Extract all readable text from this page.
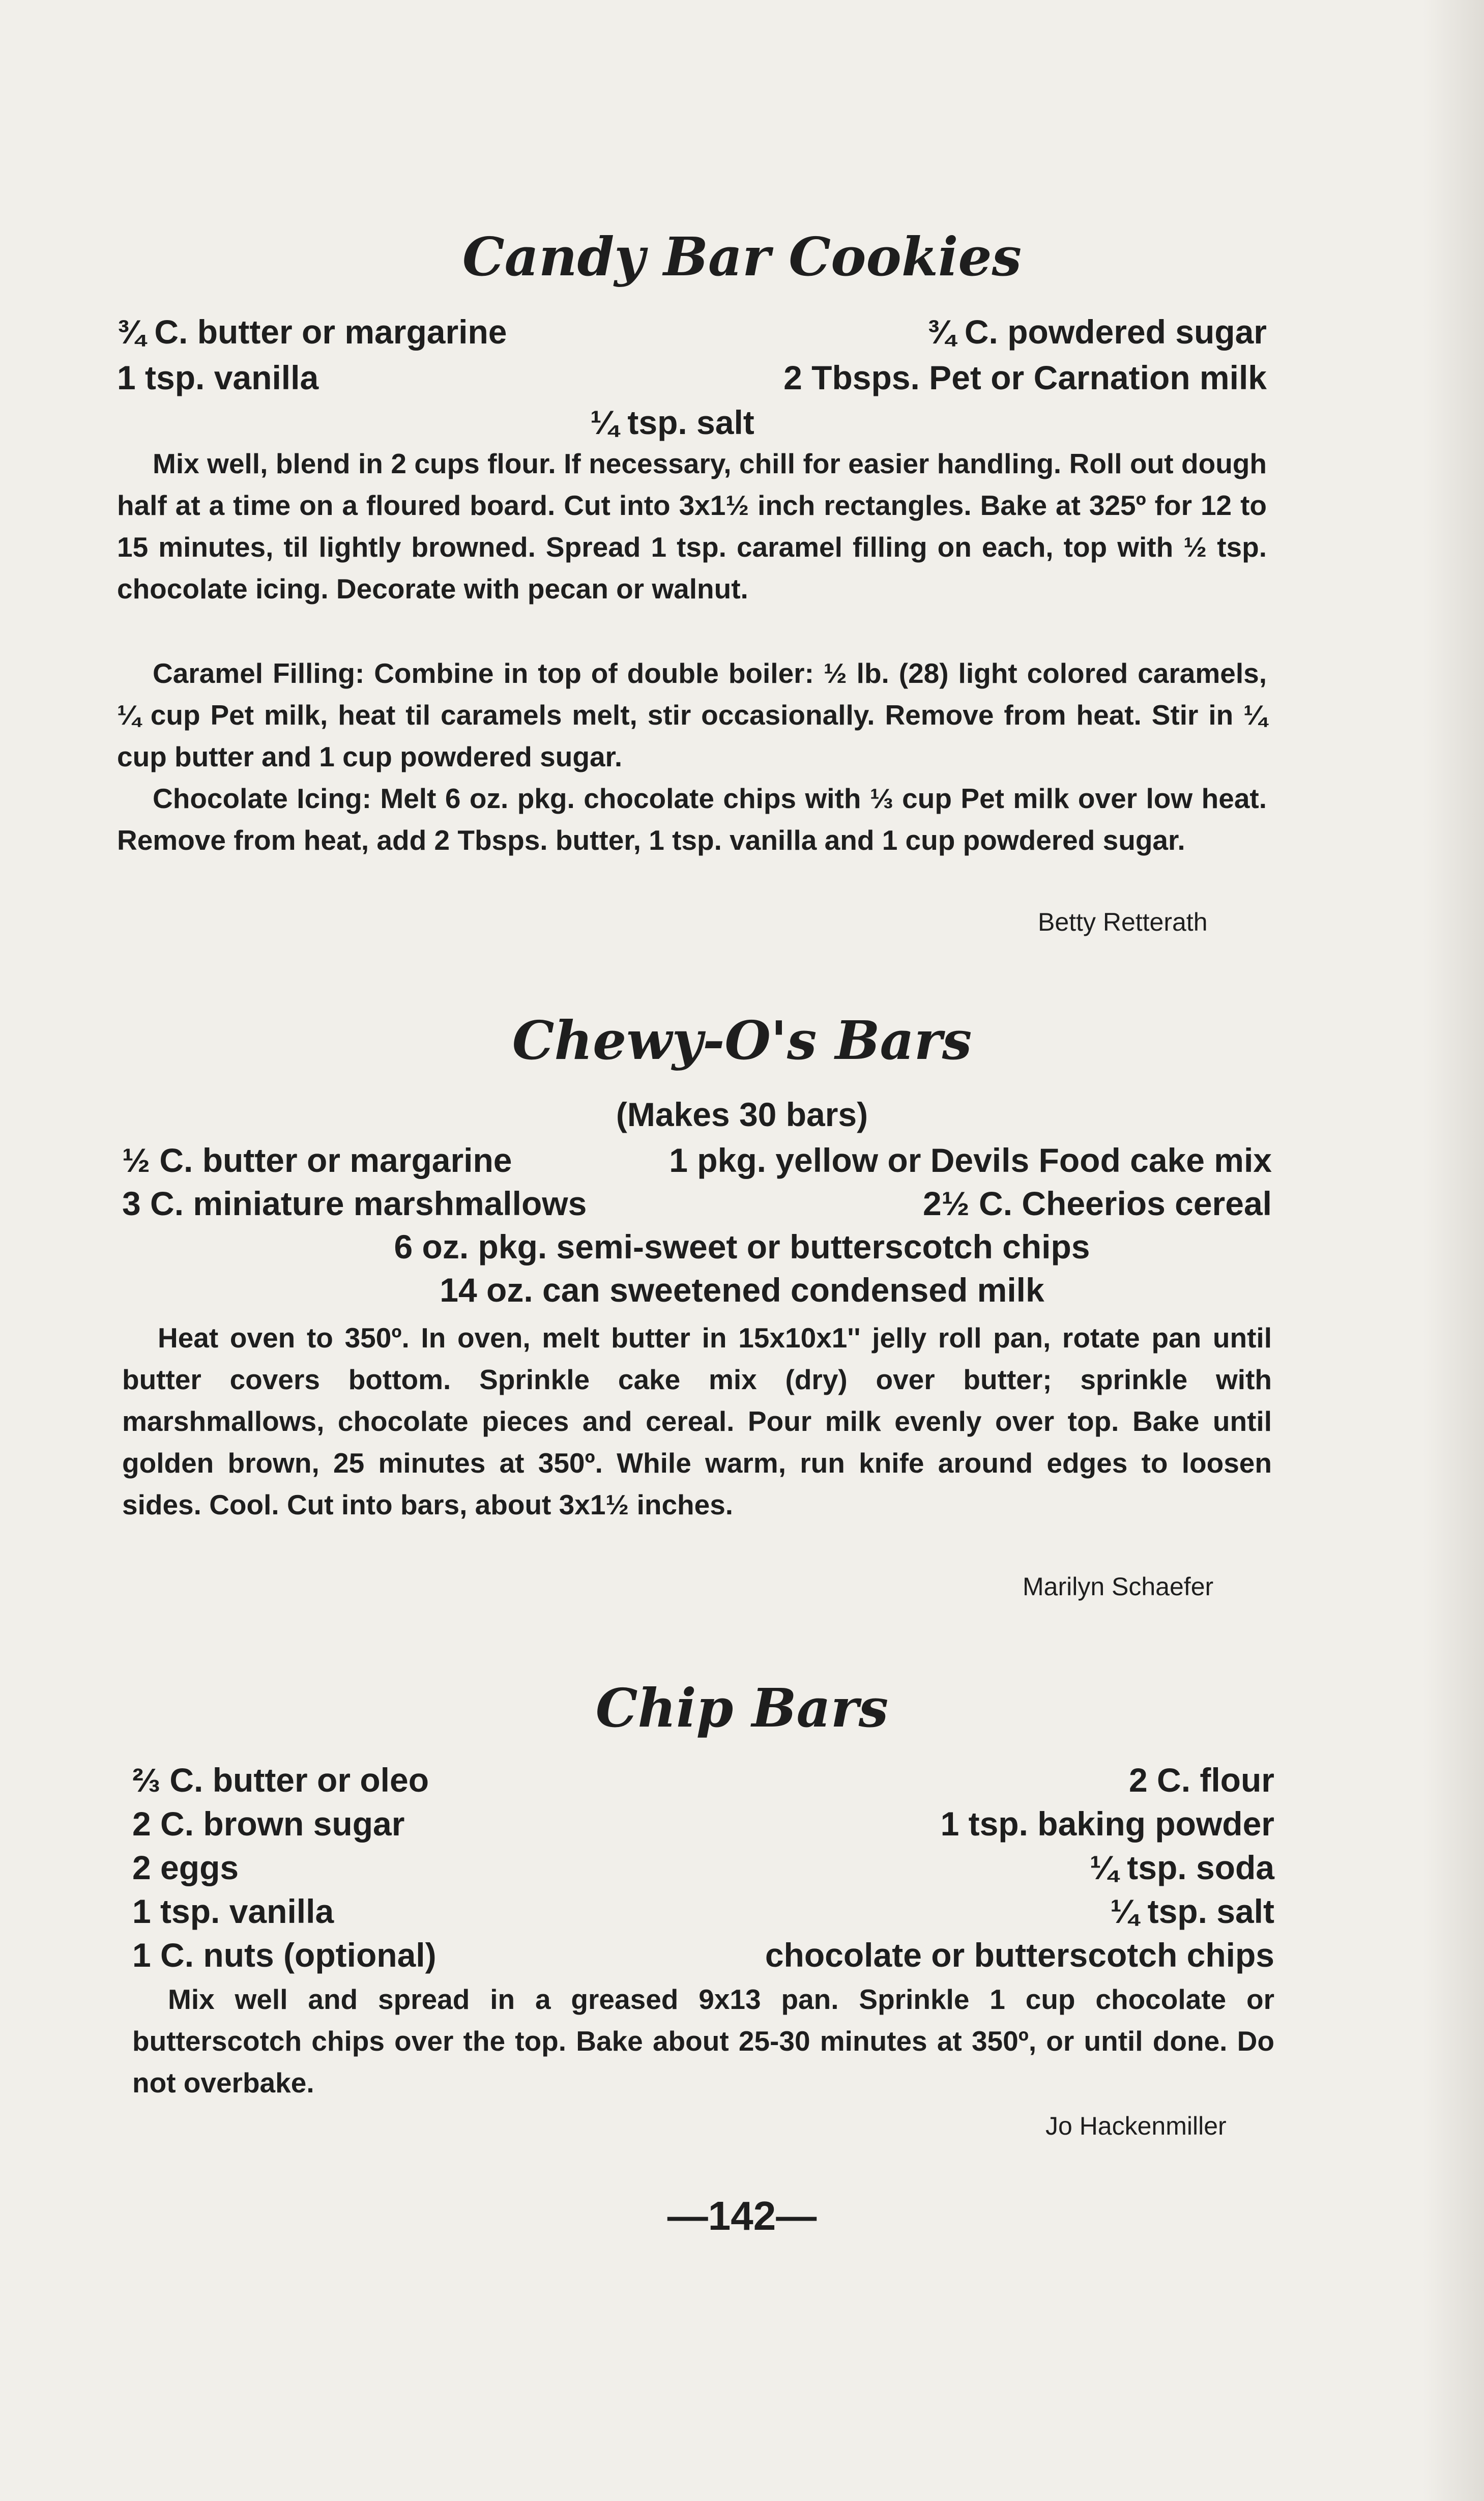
Candy Bar Cookies
¾ C. butter or margarine	¾ C. powdered sugar
1 tsp. vanilla	2 Tbsps. Pet or Carnation milk
¼ tsp. salt

Mix well, blend in 2 cups flour. If necessary, chill for easier handling. Roll out dough half at a time on a floured board. Cut into 3x1½ inch rectangles. Bake at 325º for 12 to 15 minutes, til lightly browned. Spread 1 tsp. caramel filling on each, top with ½ tsp. chocolate icing. Decorate with pecan or walnut.

Caramel Filling: Combine in top of double boiler: ½ lb. (28) light colored caramels, ¼ cup Pet milk, heat til caramels melt, stir occasionally. Remove from heat. Stir in ¼ cup butter and 1 cup powdered sugar.

Chocolate Icing: Melt 6 oz. pkg. chocolate chips with ⅓ cup Pet milk over low heat. Remove from heat, add 2 Tbsps. butter, 1 tsp. vanilla and 1 cup powdered sugar.

Betty Retterath
Chewy-O's Bars
(Makes 30 bars)
½ C. butter or margarine	1 pkg. yellow or Devils Food cake mix
3 C. miniature marshmallows	2½ C. Cheerios cereal
6 oz. pkg. semi-sweet or butterscotch chips
14 oz. can sweetened condensed milk

Heat oven to 350º. In oven, melt butter in 15x10x1'' jelly roll pan, rotate pan until butter covers bottom. Sprinkle cake mix (dry) over butter; sprinkle with marshmallows, chocolate pieces and cereal. Pour milk evenly over top. Bake until golden brown, 25 minutes at 350º. While warm, run knife around edges to loosen sides. Cool. Cut into bars, about 3x1½ inches.

Marilyn Schaefer
Chip Bars
⅔ C. butter or oleo	2 C. flour
2 C. brown sugar	1 tsp. baking powder
2 eggs	¼ tsp. soda
1 tsp. vanilla	¼ tsp. salt
1 C. nuts (optional)	chocolate or butterscotch chips

Mix well and spread in a greased 9x13 pan. Sprinkle 1 cup chocolate or butterscotch chips over the top. Bake about 25-30 minutes at 350º, or until done. Do not overbake.

Jo Hackenmiller
—142—
